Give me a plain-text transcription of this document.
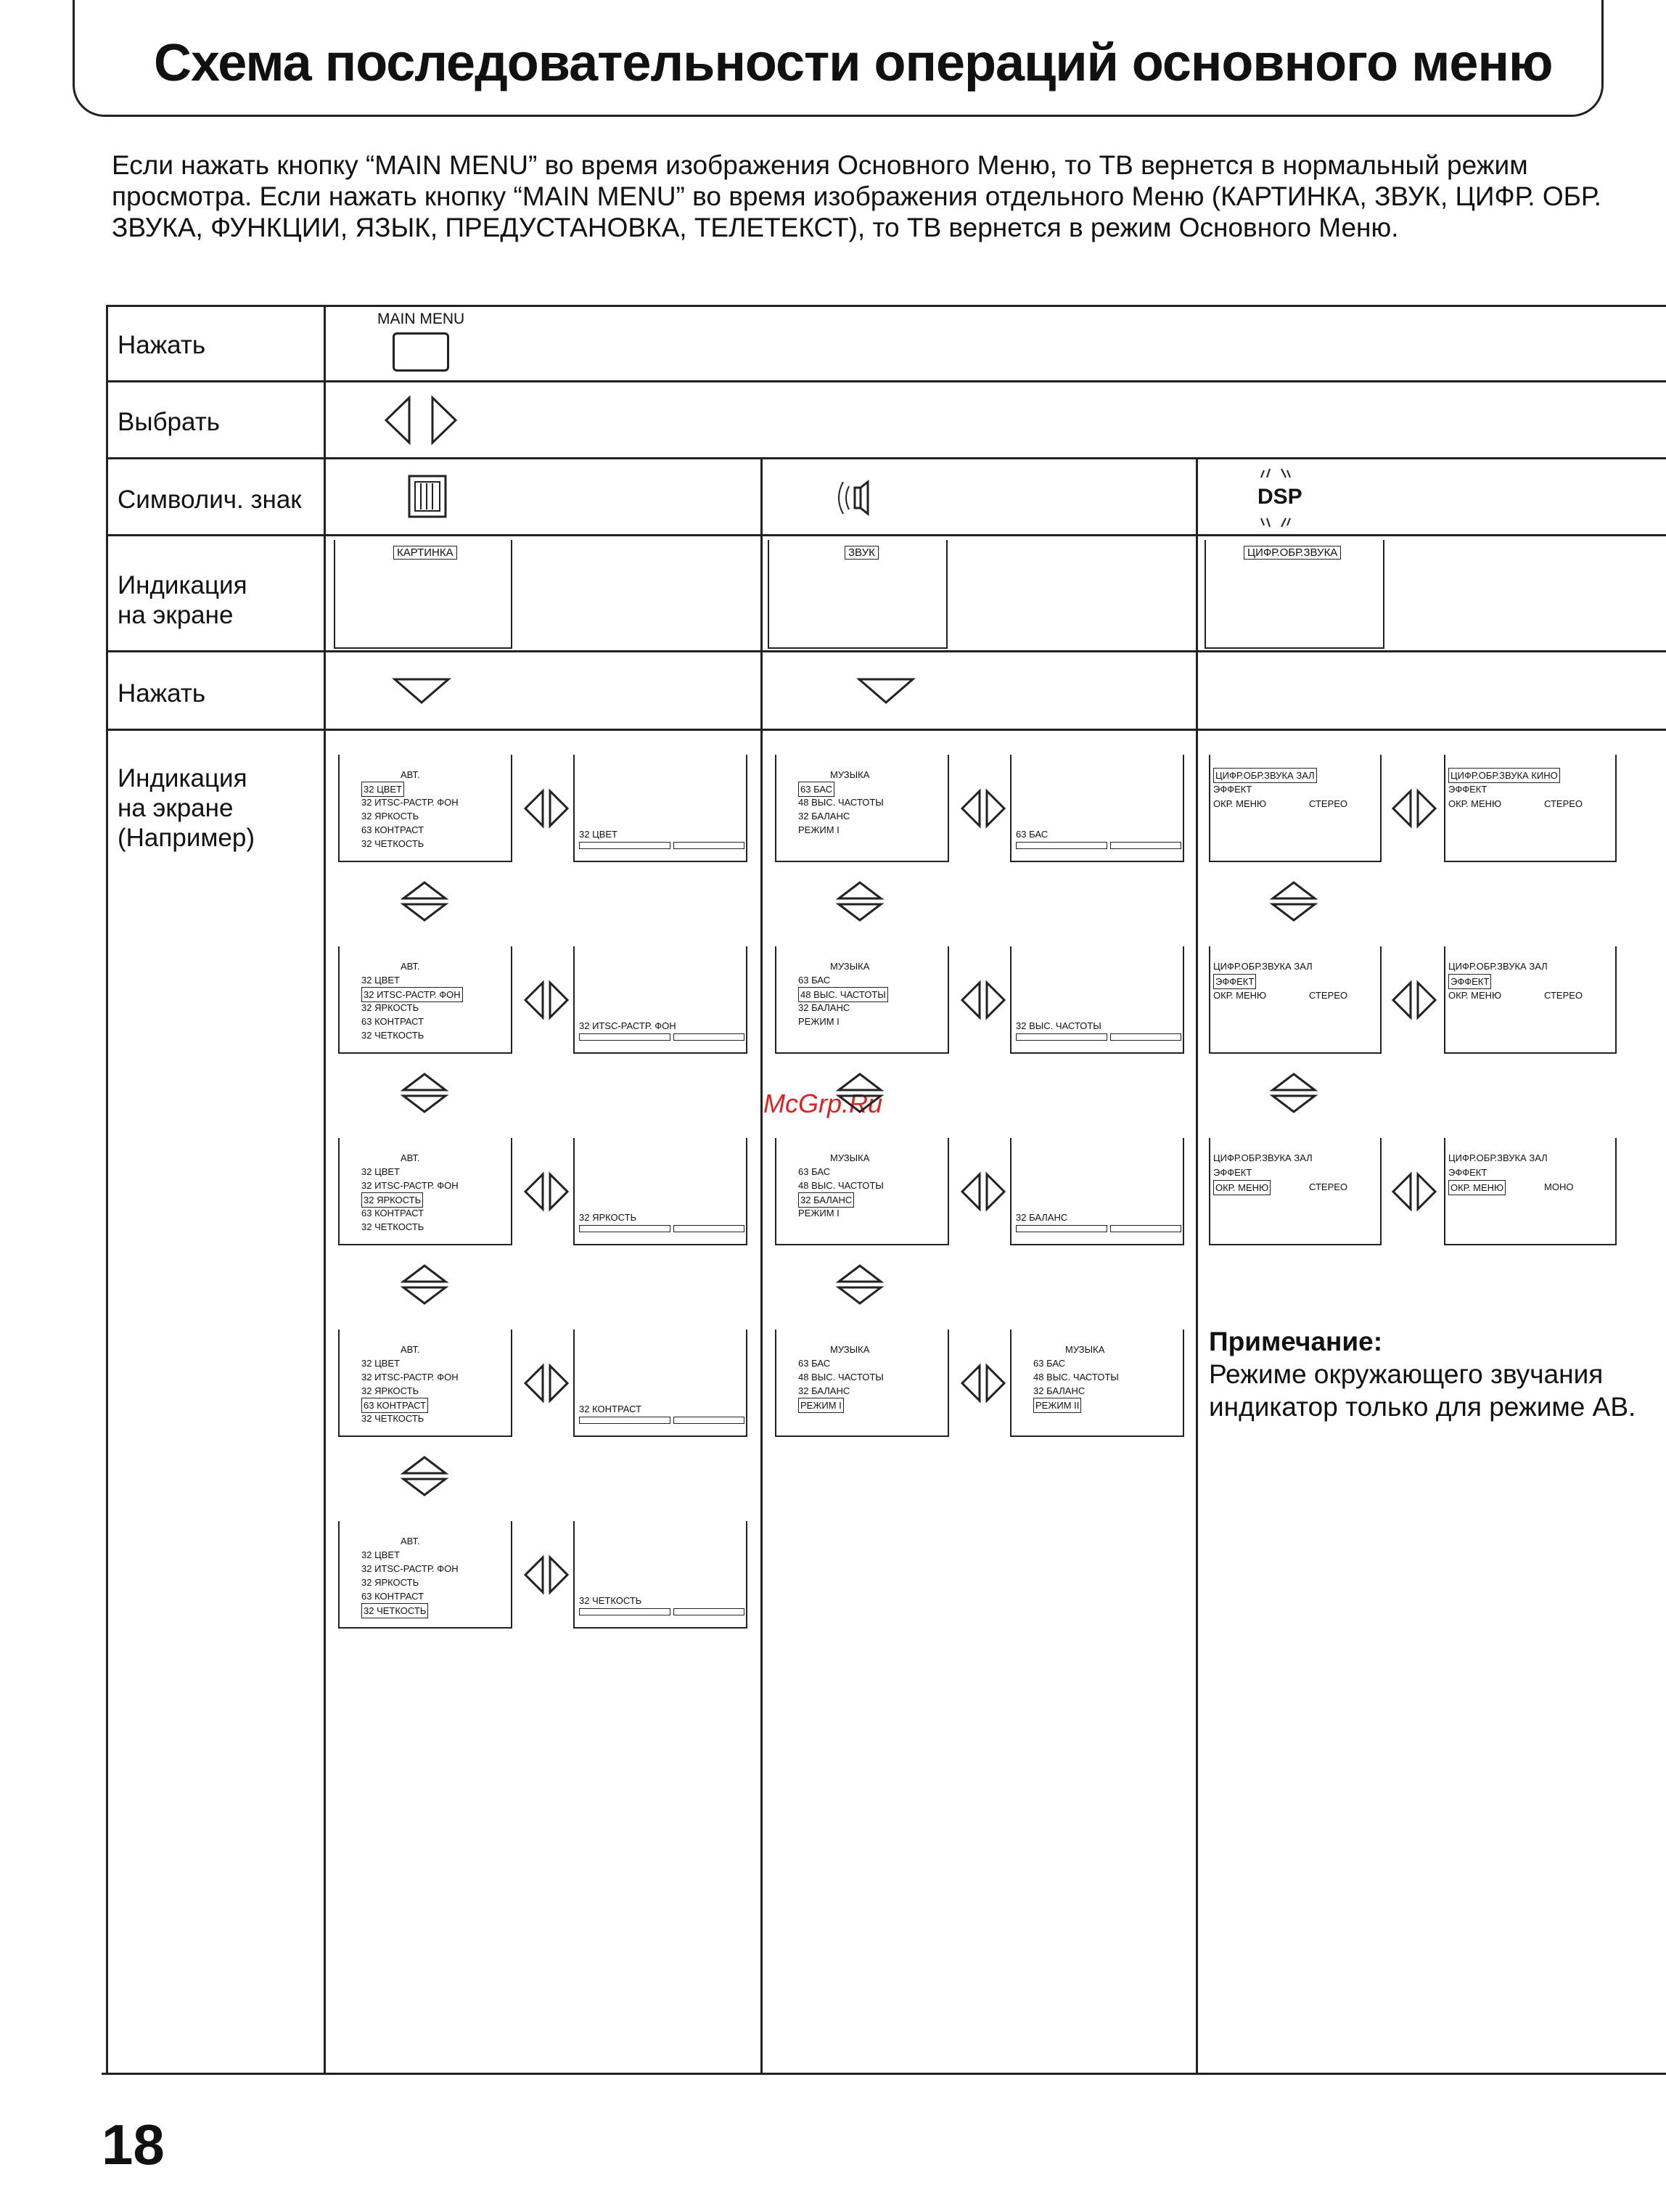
Схема последовательности операций основного меню
Если нажать кнопку “MAIN MENU” во время изображения Основного Меню, то ТВ вернется в нормальный режим просмотра. Если нажать кнопку “MAIN MENU” во время изображения отдельного Меню (КАРТИНКА, ЗВУК, ЦИФР. ОБР. ЗВУКА, ФУНКЦИИ, ЯЗЫК, ПРЕДУСТАНОВКА, ТЕЛЕТЕКСТ), то ТВ вернется в режим Основного Меню.
Нажать
Выбрать
Символич. знак
Индикация
на экране
Нажать
Индикация
на экране
(Например)
MAIN MENU
DSP
КАРТИНКА	ЗВУК	ЦИФР.ОБР.ЗВУКА
АВТ.
32 ЦВЕТ
32 ИТSС-РАСТР. ФОН
32 ЯРКОСТЬ
63 КОНТРАСТ
32 ЧЕТКОСТЬ
32 ЦВЕТ
АВТ.
32 ЦВЕТ
32 ИТSС-РАСТР. ФОН
32 ЯРКОСТЬ
63 КОНТРАСТ
32 ЧЕТКОСТЬ
32 ИТSС-РАСТР. ФОН
АВТ.
32 ЦВЕТ
32 ИТSС-РАСТР. ФОН
32 ЯРКОСТЬ
63 КОНТРАСТ
32 ЧЕТКОСТЬ
32 ЯРКОСТЬ
АВТ.
32 ЦВЕТ
32 ИТSС-РАСТР. ФОН
32 ЯРКОСТЬ
63 КОНТРАСТ
32 ЧЕТКОСТЬ
32 КОНТРАСТ
АВТ.
32 ЦВЕТ
32 ИТSС-РАСТР. ФОН
32 ЯРКОСТЬ
63 КОНТРАСТ
32 ЧЕТКОСТЬ
32 ЧЕТКОСТЬ
МУЗЫКА
63 БАС
48 ВЫС. ЧАСТОТЫ
32 БАЛАНС
РЕЖИМ I	63 БАС
МУЗЫКА
63 БАС
48 ВЫС. ЧАСТОТЫ
32 БАЛАНС
РЕЖИМ I	32 ВЫС. ЧАСТОТЫ
МУЗЫКА
63 БАС
48 ВЫС. ЧАСТОТЫ
32 БАЛАНС
РЕЖИМ I	32 БАЛАНС
МУЗЫКА
63 БАС
48 ВЫС. ЧАСТОТЫ
32 БАЛАНС
РЕЖИМ I
МУЗЫКА
63 БАС
48 ВЫС. ЧАСТОТЫ
32 БАЛАНС
РЕЖИМ II
ЦИФР.ОБР.ЗВУКА ЗАЛ
ЭФФЕКТ
ОКР. МЕНЮ	СТЕРЕО
ЦИФР.ОБР.ЗВУКА КИНО
ЭФФЕКТ
ОКР. МЕНЮ	СТЕРЕО
ЦИФР.ОБР.ЗВУКА ЗАЛ
ЭФФЕКТ
ОКР. МЕНЮ	СТЕРЕО
ЦИФР.ОБР.ЗВУКА ЗАЛ
ЭФФЕКТ
ОКР. МЕНЮ	СТЕРЕО
ЦИФР.ОБР.ЗВУКА ЗАЛ
ЭФФЕКТ
ОКР. МЕНЮ	СТЕРЕО
ЦИФР.ОБР.ЗВУКА ЗАЛ
ЭФФЕКТ
ОКР. МЕНЮ	МОНО
Примечание:
Режиме окружающего звучания
индикатор только для режиме AB.
McGrp.Ru
18
